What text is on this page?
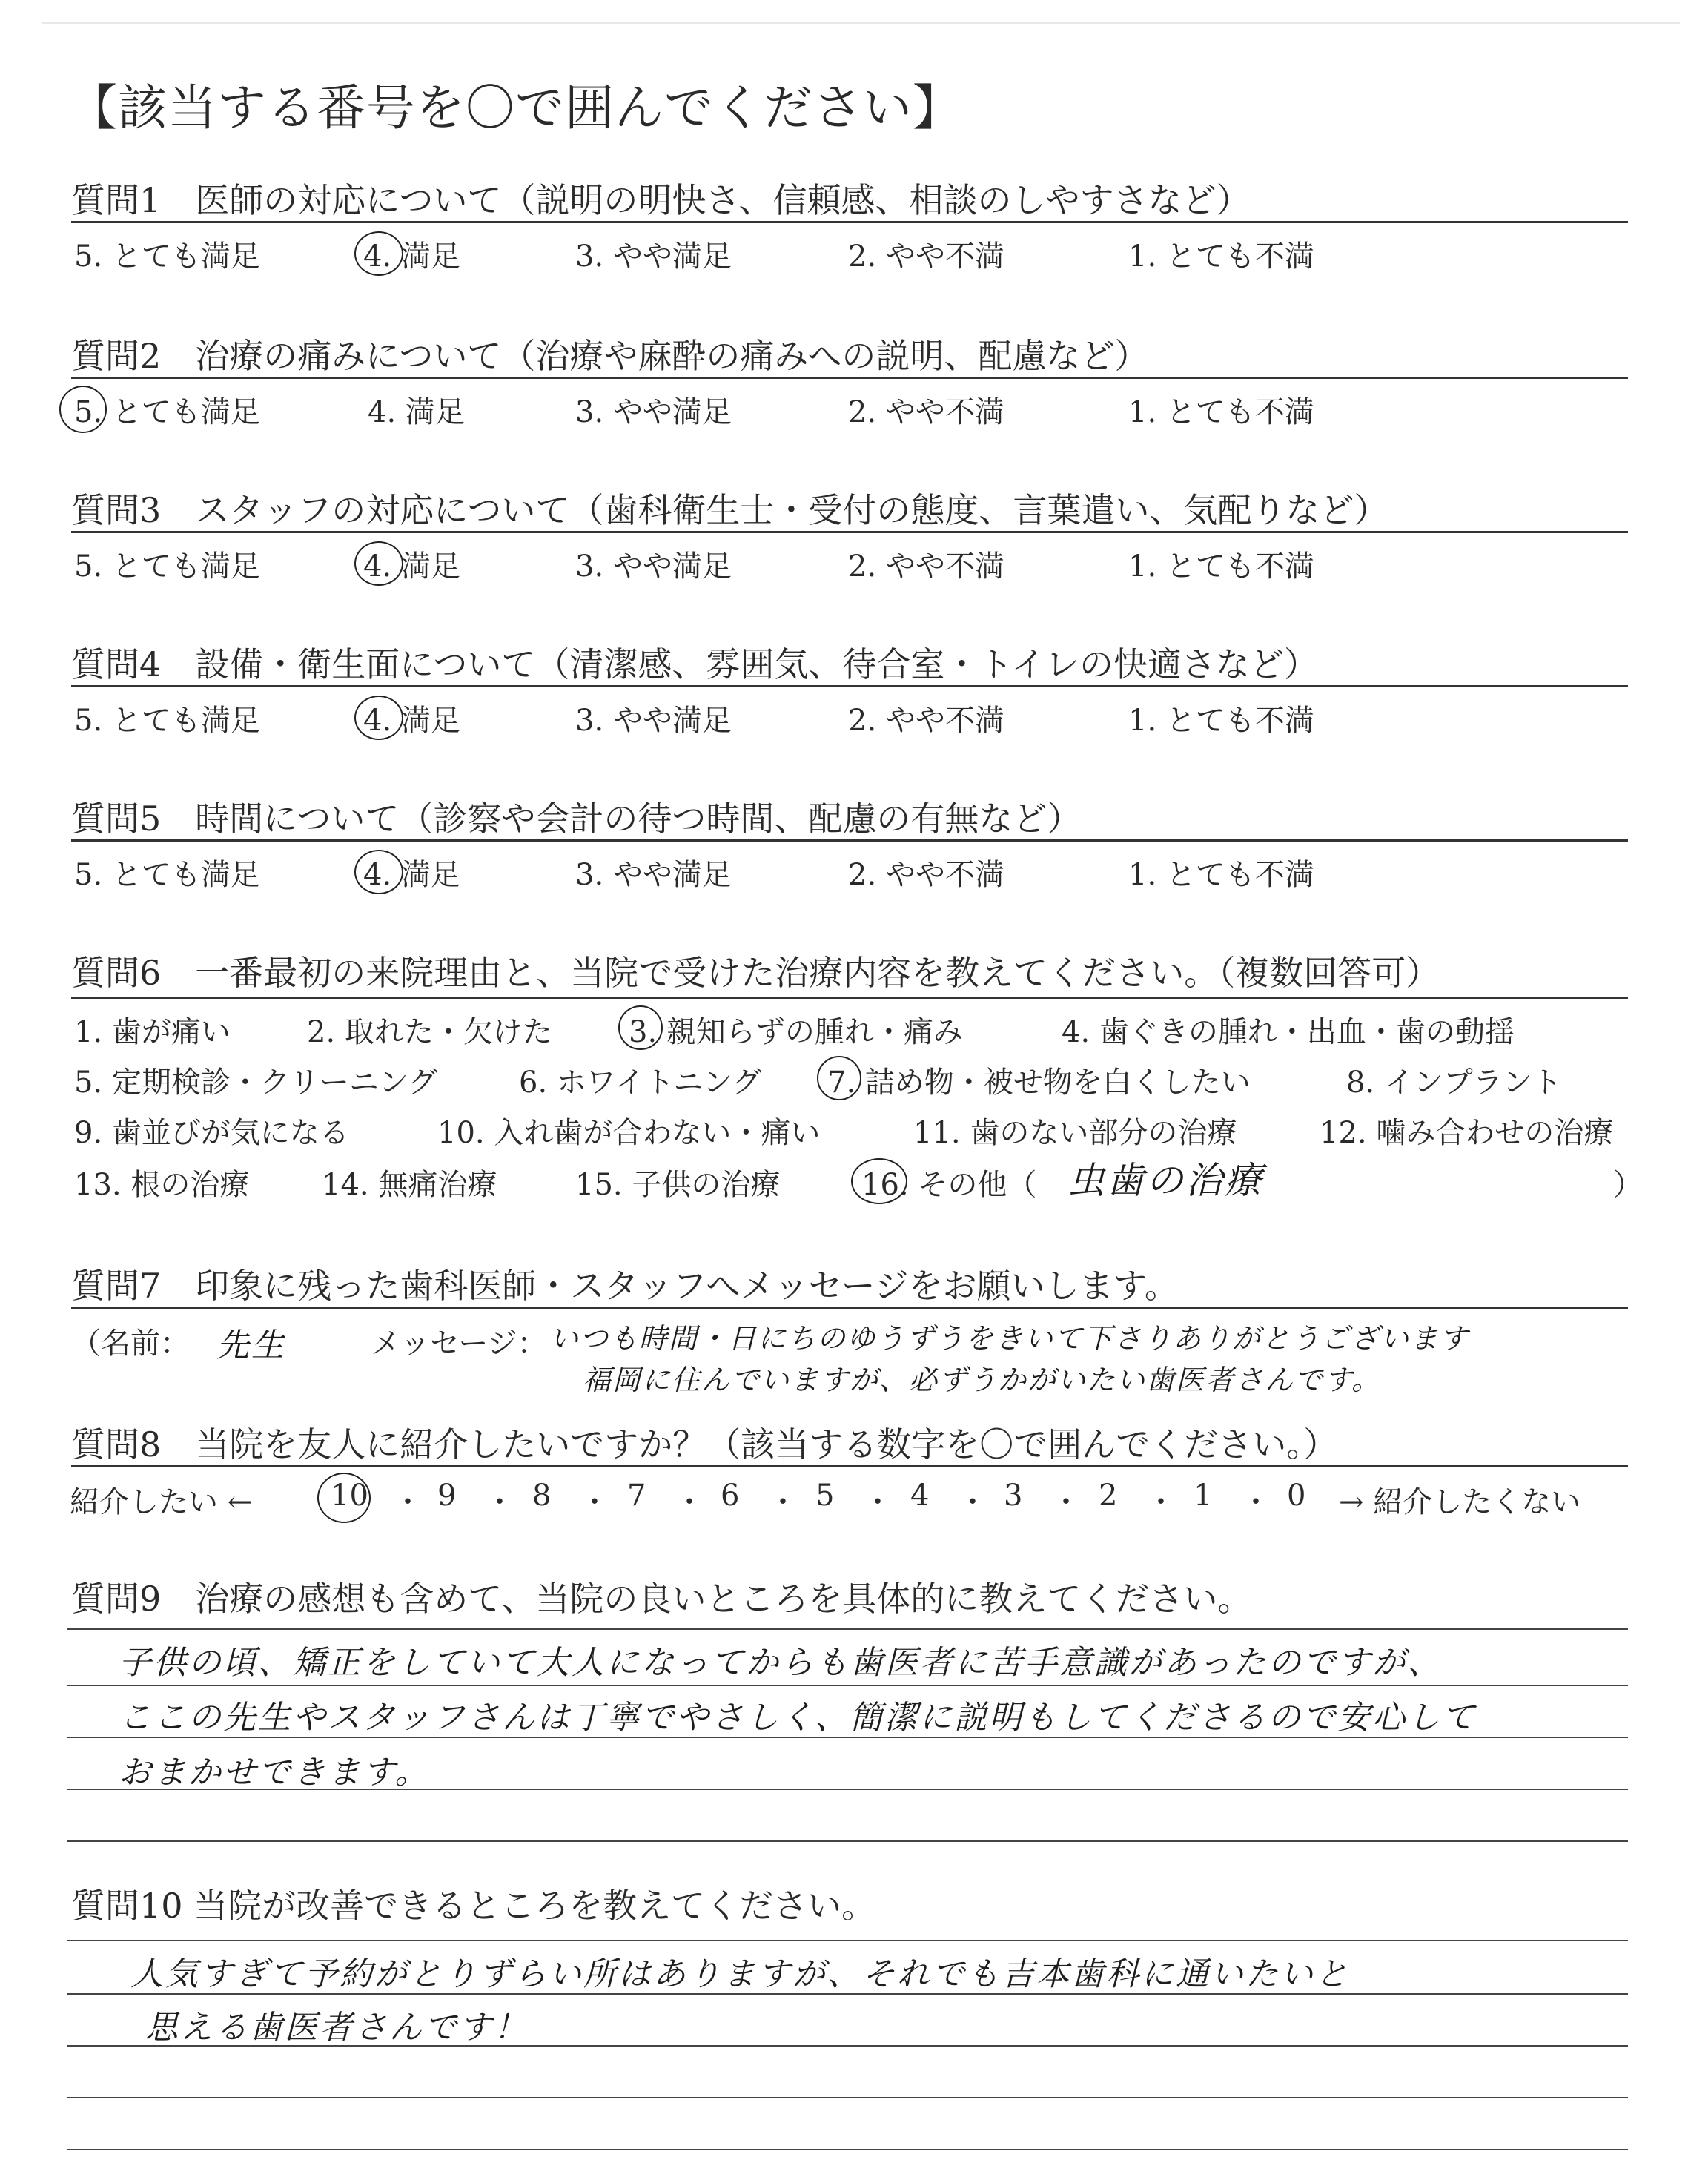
【該当する番号を〇で囲んでください】
質問1　医師の対応について（説明の明快さ、信頼感、相談のしやすさなど）
5. とても満足	4. 満足	3. やや満足	2. やや不満	1. とても不満
質問2　治療の痛みについて（治療や麻酔の痛みへの説明、配慮など）
5. とても満足	4. 満足	3. やや満足	2. やや不満	1. とても不満
質問3　スタッフの対応について（歯科衛生士・受付の態度、言葉遣い、気配りなど）
5. とても満足	4. 満足	3. やや満足	2. やや不満	1. とても不満
質問4　設備・衛生面について（清潔感、雰囲気、待合室・トイレの快適さなど）
5. とても満足	4. 満足	3. やや満足	2. やや不満	1. とても不満
質問5　時間について（診察や会計の待つ時間、配慮の有無など）
5. とても満足	4. 満足	3. やや満足	2. やや不満	1. とても不満
質問6　一番最初の来院理由と、当院で受けた治療内容を教えてください。（複数回答可）
1. 歯が痛い	2. 取れた・欠けた	3. 親知らずの腫れ・痛み	4. 歯ぐきの腫れ・出血・歯の動揺
5. 定期検診・クリーニング	6. ホワイトニング 7. 詰め物・被せ物を白くしたい	8. インプラント
9. 歯並びが気になる	10. 入れ歯が合わない・痛い	11. 歯のない部分の治療	12. 噛み合わせの治療
13. 根の治療 14. 無痛治療	15. 子供の治療	16. その他（ 虫歯の治療	）
質問7　印象に残った歯科医師・スタッフへメッセージをお願いします。
（名前： 先生	メッセージ： いつも時間・日にちのゆうずうをきいて下さりありがとうございます
福岡に住んでいますが、必ずうかがいたい歯医者さんです。
質問8　当院を友人に紹介したいですか？（該当する数字を〇で囲んでください。）
紹介したい ←	10 ・ 9 ・ 8 ・ 7 ・ 6 ・ 5 ・ 4 ・ 3 ・ 2 ・ 1 ・ 0 → 紹介したくない
質問9　治療の感想も含めて、当院の良いところを具体的に教えてください。
子供の頃、矯正をしていて大人になってからも歯医者に苦手意識があったのですが、
ここの先生やスタッフさんは丁寧でやさしく、簡潔に説明もしてくださるので安心して
おまかせできます。
質問10 当院が改善できるところを教えてください。
人気すぎて予約がとりずらい所はありますが、それでも吉本歯科に通いたいと
思える歯医者さんです！
